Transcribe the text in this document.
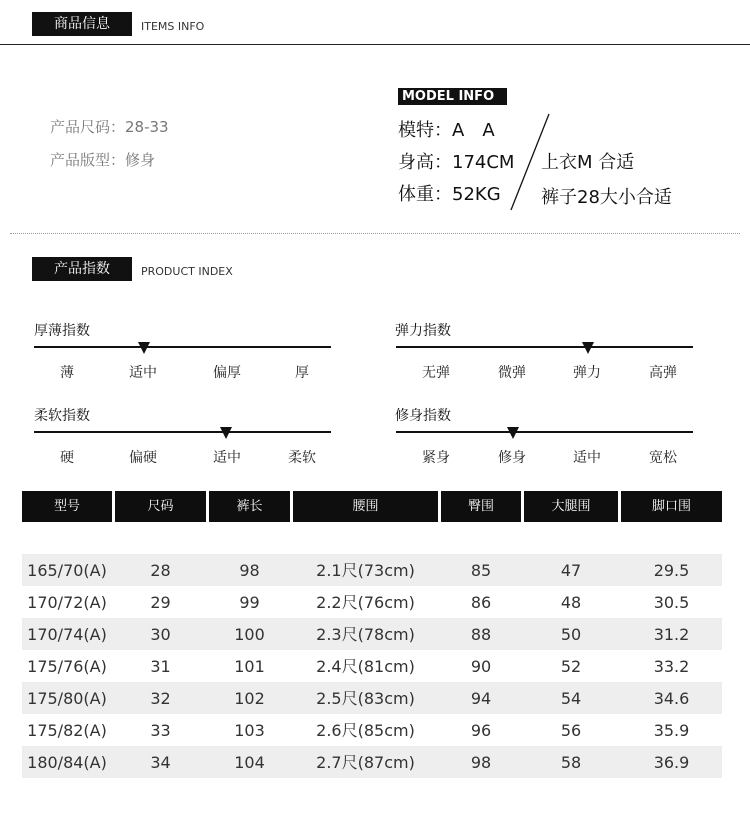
商品信息	ITEMS INFO
产品尺码：28-33
产品版型：修身
MODEL INFO
模特：A　A
身高：174CM
体重：52KG
上衣M 合适
裤子28大小合适
产品指数	PRODUCT INDEX
厚薄指数
薄	适中	偏厚	厚
弹力指数
无弹	微弹	弹力	高弹
柔软指数
硬	偏硬	适中	柔软
修身指数
紧身	修身	适中	宽松
型号	尺码	裤长	腰围	臀围	大腿围	脚口围
165/70(A)	28	98	2.1尺(73cm)	85	47	29.5
170/72(A)	29	99	2.2尺(76cm)	86	48	30.5
170/74(A)	30	100	2.3尺(78cm)	88	50	31.2
175/76(A)	31	101	2.4尺(81cm)	90	52	33.2
175/80(A)	32	102	2.5尺(83cm)	94	54	34.6
175/82(A)	33	103	2.6尺(85cm)	96	56	35.9
180/84(A)	34	104	2.7尺(87cm)	98	58	36.9
